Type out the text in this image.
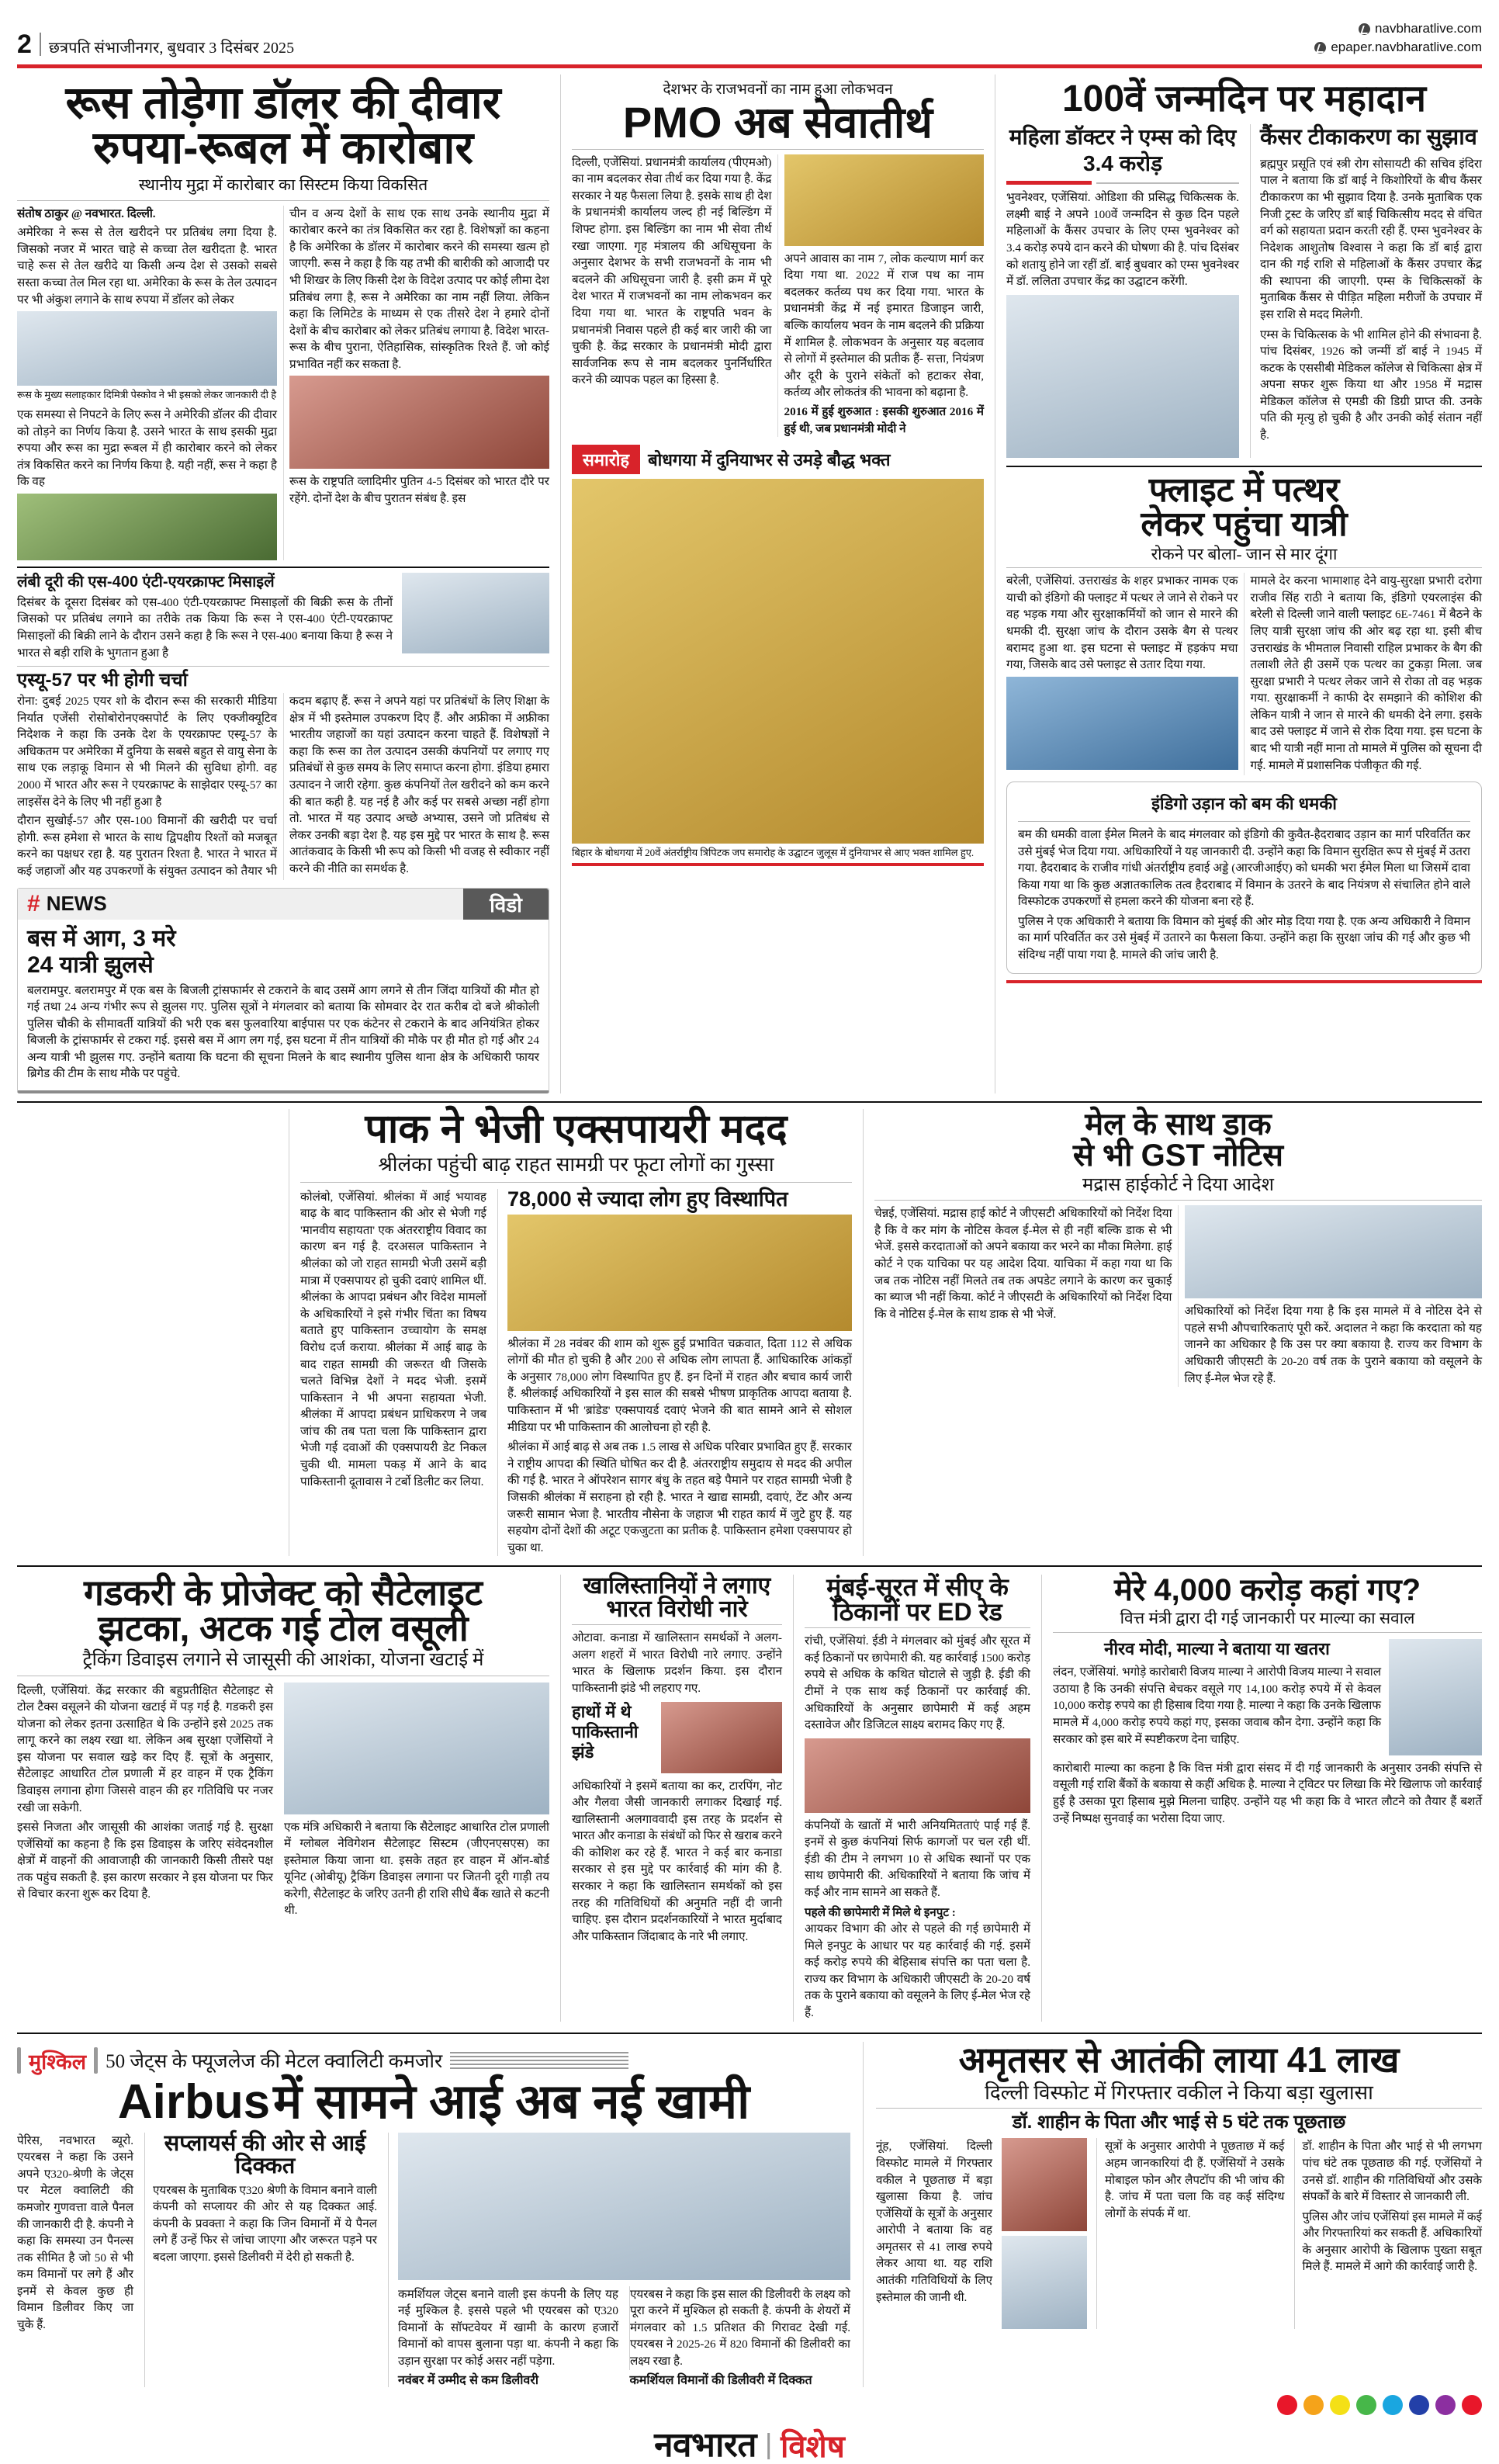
2 छत्रपति संभाजीनगर, बुधवार 3 दिसंबर 2025
नवभारत विशेष
navbharatlive.com
epaper.navbharatlive.com
रूस तोड़ेगा डॉलर की दीवार
रुपया-रूबल में कारोबार
स्थानीय मुद्रा में कारोबार का सिस्टम किया विकसित

संतोष ठाकुर @ नवभारत. दिल्ली.

अमेरिका ने रूस से तेल खरीदने पर प्रतिबंध लगा दिया है. जिसको नजर में भारत चाहे से कच्चा तेल खरीदता है. भारत चाहे रूस से तेल खरीदे या किसी अन्य देश से उसको सबसे सस्ता कच्चा तेल मिल रहा था. अमेरिका के रूस के तेल उत्पादन पर भी अंकुश लगाने के साथ रुपया में डॉलर को लेकर

रूस के मुख्य सलाहकार दिमित्री पेस्कोव ने भी इसको लेकर जानकारी दी है

एक समस्या से निपटने के लिए रूस ने अमेरिकी डॉलर की दीवार को तोड़ने का निर्णय किया है. उसने भारत के साथ इसकी मुद्रा रुपया और रूस का मुद्रा रूबल में ही कारोबार करने को लेकर तंत्र विकसित करने का निर्णय किया है. यही नहीं, रूस ने कहा है कि वह

चीन व अन्य देशों के साथ एक साथ उनके स्थानीय मुद्रा में कारोबार करने का तंत्र विकसित कर रहा है. विशेषज्ञों का कहना है कि अमेरिका के डॉलर में कारोबार करने की समस्या खत्म हो जाएगी. रूस ने कहा है कि यह तभी की बारीकी को आजादी पर भी शिखर के लिए किसी देश के विदेश उत्पाद पर कोई लीमा देश प्रतिबंध लगा है, रूस ने अमेरिका का नाम नहीं लिया. लेकिन कहा कि लिमिटेड के माध्यम से एक तीसरे देश ने हमारे दोनों देशों के बीच कारोबार को लेकर प्रतिबंध लगाया है. विदेश भारत-रूस के बीच पुराना, ऐतिहासिक, सांस्कृतिक रिश्ते हैं. जो कोई प्रभावित नहीं कर सकता है.

रूस के राष्ट्रपति व्लादिमीर पुतिन 4-5 दिसंबर को भारत दौरे पर रहेंगे. दोनों देश के बीच पुरातन संबंध है. इस

लंबी दूरी की एस-400 एंटी-एयरक्राफ्ट मिसाइलें
दिसंबर के दूसरा दिसंबर को एस-400 एंटी-एयरक्राफ्ट मिसाइलों की बिक्री रूस के तीनों जिसको पर प्रतिबंध लगाने का तरीके तक किया कि रूस ने एस-400 एंटी-एयरक्राफ्ट मिसाइलों की बिक्री लाने के दौरान उसने कहा है कि रूस ने एस-400 बनाया किया है रूस ने भारत से बड़ी राशि के भुगतान हुआ है
एस्यू-57 पर भी होगी चर्चा

रोना: दुबई 2025 एयर शो के दौरान रूस की सरकारी मीडिया निर्यात एजेंसी रोसोबोरोनएक्सपोर्ट के लिए एक्जीक्यूटिव निदेशक ने कहा कि उनके देश के एयरक्राफ्ट एस्यू-57 के अधिकतम पर अमेरिका में दुनिया के सबसे बहुत से वायु सेना के साथ एक लड़ाकू विमान से भी मिलने की सुविधा होगी. वह 2000 में भारत और रूस ने एयरक्राफ्ट के साझेदार एस्यू-57 का लाइसेंस देने के लिए भी नहीं हुआ है

दौरान सुखोई-57 और एस-100 विमानों की खरीदी पर चर्चा होगी. रूस हमेशा से भारत के साथ द्विपक्षीय रिश्तों को मजबूत करने का पक्षधर रहा है. यह पुरातन रिश्ता है. भारत ने भारत में कई जहाजों और यह उपकरणों के संयुक्त उत्पादन को तैयार भी कदम बढ़ाए हैं. रूस ने अपने यहां पर प्रतिबंधों के लिए शिक्षा के क्षेत्र में भी इस्तेमाल उपकरण दिए हैं. और अफ्रीका में अफ्रीका भारतीय जहाजों का यहां उत्पादन करना चाहते हैं. विशेषज्ञों ने कहा कि रूस का तेल उत्पादन उसकी कंपनियों पर लगाए गए प्रतिबंधों से कुछ समय के लिए समाप्त करना होगा. इंडिया हमारा उत्पादन ने जारी रहेगा. कुछ कंपनियों तेल खरीदने को कम करने की बात कही है. यह नई है और कई पर सबसे अच्छा नहीं होगा तो. भारत में यह उत्पाद अच्छे अभ्यास, उसने जो प्रतिबंध से लेकर उनकी बड़ा देश है. यह इस मुद्दे पर भारत के साथ है. रूस आतंकवाद के किसी भी रूप को किसी भी वजह से स्वीकार नहीं करने की नीति का समर्थक है.

# NEWS	विडो
बस में आग, 3 मरे
24 यात्री झुलसे
बलरामपुर. बलरामपुर में एक बस के बिजली ट्रांसफार्मर से टकराने के बाद उसमें आग लगने से तीन जिंदा यात्रियों की मौत हो गई तथा 24 अन्य गंभीर रूप से झुलस गए. पुलिस सूत्रों ने मंगलवार को बताया कि सोमवार देर रात करीब दो बजे श्रीकोली पुलिस चौकी के सीमावर्ती यात्रियों की भरी एक बस फुलवारिया बाईपास पर एक कंटेनर से टकराने के बाद अनियंत्रित होकर बिजली के ट्रांसफार्मर से टकरा गई. इससे बस में आग लग गई, इस घटना में तीन यात्रियों की मौके पर ही मौत हो गई और 24 अन्य यात्री भी झुलस गए. उन्होंने बताया कि घटना की सूचना मिलने के बाद स्थानीय पुलिस थाना क्षेत्र के अधिकारी फायर ब्रिगेड की टीम के साथ मौके पर पहुंचे.
देशभर के राजभवनों का नाम हुआ लोकभवन
PMO अब सेवातीर्थ

दिल्ली, एजेंसियां. प्रधानमंत्री कार्यालय (पीएमओ) का नाम बदलकर सेवा तीर्थ कर दिया गया है. केंद्र सरकार ने यह फैसला लिया है. इसके साथ ही देश के प्रधानमंत्री कार्यालय जल्द ही नई बिल्डिंग में शिफ्ट होगा. इस बिल्डिंग का नाम भी सेवा तीर्थ रखा जाएगा. गृह मंत्रालय की अधिसूचना के अनुसार देशभर के सभी राजभवनों के नाम भी बदलने की अधिसूचना जारी है. इसी क्रम में पूरे देश भारत में राजभवनों का नाम लोकभवन कर दिया गया था. भारत के राष्ट्रपति भवन के प्रधानमंत्री निवास पहले ही कई बार जारी की जा चुकी है. केंद्र सरकार के प्रधानमंत्री मोदी द्वारा सार्वजनिक रूप से नाम बदलकर पुनर्निर्धारित करने की व्यापक पहल का हिस्सा है.

अपने आवास का नाम 7, लोक कल्याण मार्ग कर दिया गया था. 2022 में राज पथ का नाम बदलकर कर्तव्य पथ कर दिया गया. भारत के प्रधानमंत्री केंद्र में नई इमारत डिजाइन जारी, बल्कि कार्यालय भवन के नाम बदलने की प्रक्रिया में शामिल है. लोकभवन के अनुसार यह बदलाव से लोगों में इस्तेमाल की प्रतीक हैं- सत्ता, नियंत्रण और दूरी के पुराने संकेतों को हटाकर सेवा, कर्तव्य और लोकतंत्र की भावना को बढ़ाना है.

2016 में हुई शुरुआत : इसकी शुरुआत 2016 में हुई थी, जब प्रधानमंत्री मोदी ने

समारोह	बोधगया में दुनियाभर से उमड़े बौद्ध भक्त
बिहार के बोधगया में 20वें अंतर्राष्ट्रीय त्रिपिटक जप समारोह के उद्घाटन जुलूस में दुनियाभर से आए भक्त शामिल हुए.
100वें जन्मदिन पर महादान
महिला डॉक्टर ने एम्स को दिए 3.4 करोड़
भुवनेश्वर, एजेंसियां. ओडिशा की प्रसिद्ध चिकित्सक के. लक्ष्मी बाई ने अपने 100वें जन्मदिन से कुछ दिन पहले महिलाओं के कैंसर उपचार के लिए एम्स भुवनेश्वर को 3.4 करोड़ रुपये दान करने की घोषणा की है. पांच दिसंबर को शतायु होने जा रहीं डॉ. बाई बुधवार को एम्स भुवनेश्वर में डॉ. ललिता उपचार केंद्र का उद्घाटन करेंगी.
कैंसर टीकाकरण का सुझाव
ब्रह्मपुर प्रसूति एवं स्त्री रोग सोसायटी की सचिव इंदिरा पाल ने बताया कि डॉ बाई ने किशोरियों के बीच कैंसर टीकाकरण का भी सुझाव दिया है. उनके मुताबिक एक निजी ट्रस्ट के जरिए डॉ बाई चिकित्सीय मदद से वंचित वर्ग को सहायता प्रदान करती रही हैं. एम्स भुवनेश्वर के निदेशक आशुतोष विश्वास ने कहा कि डॉ बाई द्वारा दान की गई राशि से महिलाओं के कैंसर उपचार केंद्र की स्थापना की जाएगी. एम्स के चिकित्सकों के मुताबिक कैंसर से पीड़ित महिला मरीजों के उपचार में इस राशि से मदद मिलेगी.
एम्स के चिकित्सक के भी शामिल होने की संभावना है. पांच दिसंबर, 1926 को जन्मीं डॉ बाई ने 1945 में कटक के एससीबी मेडिकल कॉलेज से चिकित्सा क्षेत्र में अपना सफर शुरू किया था और 1958 में मद्रास मेडिकल कॉलेज से एमडी की डिग्री प्राप्त की. उनके पति की मृत्यु हो चुकी है और उनकी कोई संतान नहीं है.
फ्लाइट में पत्थर
लेकर पहुंचा यात्री
रोकने पर बोला- जान से मार दूंगा

बरेली, एजेंसियां. उत्तराखंड के शहर प्रभाकर नामक एक याची को इंडिगो की फ्लाइट में पत्थर ले जाने से रोकने पर वह भड़क गया और सुरक्षाकर्मियों को जान से मारने की धमकी दी. सुरक्षा जांच के दौरान उसके बैग से पत्थर बरामद हुआ था. इस घटना से फ्लाइट में हड़कंप मचा गया, जिसके बाद उसे फ्लाइट से उतार दिया गया.

मामले देर करना भामाशाह देने वायु-सुरक्षा प्रभारी दरोगा राजीव सिंह राठी ने बताया कि, इंडिगो एयरलाइंस की बरेली से दिल्ली जाने वाली फ्लाइट 6E-7461 में बैठने के लिए यात्री सुरक्षा जांच की ओर बढ़ रहा था. इसी बीच उत्तराखंड के भीमताल निवासी राहिल प्रभाकर के बैग की तलाशी लेते ही उसमें एक पत्थर का टुकड़ा मिला. जब सुरक्षा प्रभारी ने पत्थर लेकर जाने से रोका तो वह भड़क गया. सुरक्षाकर्मी ने काफी देर समझाने की कोशिश की लेकिन यात्री ने जान से मारने की धमकी देने लगा. इसके बाद उसे फ्लाइट में जाने से रोक दिया गया. इस घटना के बाद भी यात्री नहीं माना तो मामले में पुलिस को सूचना दी गई. मामले में प्रशासनिक पंजीकृत की गई.

इंडिगो उड़ान को बम की धमकी
बम की धमकी वाला ईमेल मिलने के बाद मंगलवार को इंडिगो की कुवैत-हैदराबाद उड़ान का मार्ग परिवर्तित कर उसे मुंबई भेज दिया गया. अधिकारियों ने यह जानकारी दी. उन्होंने कहा कि विमान सुरक्षित रूप से मुंबई में उतरा गया. हैदराबाद के राजीव गांधी अंतर्राष्ट्रीय हवाई अड्डे (आरजीआईए) को धमकी भरा ईमेल मिला था जिसमें दावा किया गया था कि कुछ अज्ञातकालिक तत्व हैदराबाद में विमान के उतरने के बाद नियंत्रण से संचालित होने वाले विस्फोटक उपकरणों से हमला करने की योजना बना रहे हैं.
पुलिस ने एक अधिकारी ने बताया कि विमान को मुंबई की ओर मोड़ दिया गया है. एक अन्य अधिकारी ने विमान का मार्ग परिवर्तित कर उसे मुंबई में उतारने का फैसला किया. उन्होंने कहा कि सुरक्षा जांच की गई और कुछ भी संदिग्ध नहीं पाया गया है. मामले की जांच जारी है.
पाक ने भेजी एक्सपायरी मदद
श्रीलंका पहुंची बाढ़ राहत सामग्री पर फूटा लोगों का गुस्सा
कोलंबो, एजेंसियां. श्रीलंका में आई भयावह बाढ़ के बाद पाकिस्तान की ओर से भेजी गई 'मानवीय सहायता' एक अंतरराष्ट्रीय विवाद का कारण बन गई है. दरअसल पाकिस्तान ने श्रीलंका को जो राहत सामग्री भेजी उसमें बड़ी मात्रा में एक्सपायर हो चुकी दवाएं शामिल थीं. श्रीलंका के आपदा प्रबंधन और विदेश मामलों के अधिकारियों ने इसे गंभीर चिंता का विषय बताते हुए पाकिस्तान उच्चायोग के समक्ष विरोध दर्ज कराया. श्रीलंका में आई बाढ़ के बाद राहत सामग्री की जरूरत थी जिसके चलते विभिन्न देशों ने मदद भेजी. इसमें पाकिस्तान ने भी अपना सहायता भेजी. श्रीलंका में आपदा प्रबंधन प्राधिकरण ने जब जांच की तब पता चला कि पाकिस्तान द्वारा भेजी गई दवाओं की एक्सपायरी डेट निकल चुकी थी. मामला पकड़ में आने के बाद पाकिस्तानी दूतावास ने टर्बो डिलीट कर लिया.
78,000 से ज्यादा लोग हुए विस्थापित
श्रीलंका में 28 नवंबर की शाम को शुरू हुई प्रभावित चक्रवात, दिता 112 से अधिक लोगों की मौत हो चुकी है और 200 से अधिक लोग लापता हैं. आधिकारिक आंकड़ों के अनुसार 78,000 लोग विस्थापित हुए हैं. इन दिनों में राहत और बचाव कार्य जारी हैं. श्रीलंकाई अधिकारियों ने इस साल की सबसे भीषण प्राकृतिक आपदा बताया है. पाकिस्तान में भी 'ब्रांडेड' एक्सपायर्ड दवाएं भेजने की बात सामने आने से सोशल मीडिया पर भी पाकिस्तान की आलोचना हो रही है.
श्रीलंका में आई बाढ़ से अब तक 1.5 लाख से अधिक परिवार प्रभावित हुए हैं. सरकार ने राष्ट्रीय आपदा की स्थिति घोषित कर दी है. अंतरराष्ट्रीय समुदाय से मदद की अपील की गई है. भारत ने ऑपरेशन सागर बंधु के तहत बड़े पैमाने पर राहत सामग्री भेजी है जिसकी श्रीलंका में सराहना हो रही है. भारत ने खाद्य सामग्री, दवाएं, टेंट और अन्य जरूरी सामान भेजा है. भारतीय नौसेना के जहाज भी राहत कार्य में जुटे हुए हैं. यह सहयोग दोनों देशों की अटूट एकजुटता का प्रतीक है. पाकिस्तान हमेशा एक्सपायर हो चुका था.
मेल के साथ डाक
से भी GST नोटिस
मद्रास हाईकोर्ट ने दिया आदेश

चेन्नई, एजेंसियां. मद्रास हाई कोर्ट ने जीएसटी अधिकारियों को निर्देश दिया है कि वे कर मांग के नोटिस केवल ई-मेल से ही नहीं बल्कि डाक से भी भेजें. इससे करदाताओं को अपने बकाया कर भरने का मौका मिलेगा. हाई कोर्ट ने एक याचिका पर यह आदेश दिया. याचिका में कहा गया था कि जब तक नोटिस नहीं मिलते तब तक अपडेट लगाने के कारण कर चुकाई का ब्याज भी नहीं किया. कोर्ट ने जीएसटी के अधिकारियों को निर्देश दिया कि वे नोटिस ई-मेल के साथ डाक से भी भेजें.	अधिकारियों को निर्देश दिया गया है कि इस मामले में वे नोटिस देने से पहले सभी औपचारिकताएं पूरी करें. अदालत ने कहा कि करदाता को यह जानने का अधिकार है कि उस पर क्या बकाया है. राज्य कर विभाग के अधिकारी जीएसटी के 20-20 वर्ष तक के पुराने बकाया को वसूलने के लिए ई-मेल भेज रहे हैं.

गडकरी के प्रोजेक्ट को सैटेलाइट
झटका, अटक गई टोल वसूली
ट्रैकिंग डिवाइस लगाने से जासूसी की आशंका, योजना खटाई में

दिल्ली, एजेंसियां. केंद्र सरकार की बहुप्रतीक्षित सैटेलाइट से टोल टैक्स वसूलने की योजना खटाई में पड़ गई है. गडकरी इस योजना को लेकर इतना उत्साहित थे कि उन्होंने इसे 2025 तक लागू करने का लक्ष्य रखा था. लेकिन अब सुरक्षा एजेंसियों ने इस योजना पर सवाल खड़े कर दिए हैं. सूत्रों के अनुसार, सैटेलाइट आधारित टोल प्रणाली में हर वाहन में एक ट्रैकिंग डिवाइस लगाना होगा जिससे वाहन की हर गतिविधि पर नजर रखी जा सकेगी.

इससे निजता और जासूसी की आशंका जताई गई है. सुरक्षा एजेंसियों का कहना है कि इस डिवाइस के जरिए संवेदनशील क्षेत्रों में वाहनों की आवाजाही की जानकारी किसी तीसरे पक्ष तक पहुंच सकती है. इस कारण सरकार ने इस योजना पर फिर से विचार करना शुरू कर दिया है.

एक मंत्रि अधिकारी ने बताया कि सैटेलाइट आधारित टोल प्रणाली में ग्लोबल नेविगेशन सैटेलाइट सिस्टम (जीएनएसएस) का इस्तेमाल किया जाना था. इसके तहत हर वाहन में ऑन-बोर्ड यूनिट (ओबीयू) ट्रैकिंग डिवाइस लगाना पर जितनी दूरी गाड़ी तय करेगी, सैटेलाइट के जरिए उतनी ही राशि सीधे बैंक खाते से कटनी थी.
खालिस्तानियों ने लगाए
भारत विरोधी नारे
ओटावा. कनाडा में खालिस्तान समर्थकों ने अलग-अलग शहरों में भारत विरोधी नारे लगाए. उन्होंने भारत के खिलाफ प्रदर्शन किया. इस दौरान पाकिस्तानी झंडे भी लहराए गए.
हाथों में थे
पाकिस्तानी
झंडे
अधिकारियों ने इसमें बताया का कर, टारपिंग, नोट और गैलवा जैसी जानकारी लगाकर दिखाई गई. खालिस्तानी अलगाववादी इस तरह के प्रदर्शन से भारत और कनाडा के संबंधों को फिर से खराब करने की कोशिश कर रहे हैं. भारत ने कई बार कनाडा सरकार से इस मुद्दे पर कार्रवाई की मांग की है. सरकार ने कहा कि खालिस्तान समर्थकों को इस तरह की गतिविधियों की अनुमति नहीं दी जानी चाहिए. इस दौरान प्रदर्शनकारियों ने भारत मुर्दाबाद और पाकिस्तान जिंदाबाद के नारे भी लगाए.
मुंबई-सूरत में सीए के
ठिकानों पर ED रेड
रांची, एजेंसियां. ईडी ने मंगलवार को मुंबई और सूरत में कई ठिकानों पर छापेमारी की. यह कार्रवाई 1500 करोड़ रुपये से अधिक के कथित घोटाले से जुड़ी है. ईडी की टीमों ने एक साथ कई ठिकानों पर कार्रवाई की. अधिकारियों के अनुसार छापेमारी में कई अहम दस्तावेज और डिजिटल साक्ष्य बरामद किए गए हैं.
कंपनियों के खातों में भारी अनियमितताएं पाई गई हैं. इनमें से कुछ कंपनियां सिर्फ कागजों पर चल रही थीं. ईडी की टीम ने लगभग 10 से अधिक स्थानों पर एक साथ छापेमारी की. अधिकारियों ने बताया कि जांच में कई और नाम सामने आ सकते हैं.
पहले की छापेमारी में मिले थे इनपुट :
आयकर विभाग की ओर से पहले की गई छापेमारी में मिले इनपुट के आधार पर यह कार्रवाई की गई. इसमें कई करोड़ रुपये की बेहिसाब संपत्ति का पता चला है. राज्य कर विभाग के अधिकारी जीएसटी के 20-20 वर्ष तक के पुराने बकाया को वसूलने के लिए ई-मेल भेज रहे हैं.
मेरे 4,000 करोड़ कहां गए?
वित्त मंत्री द्वारा दी गई जानकारी पर माल्या का सवाल
नीरव मोदी, माल्या ने बताया या खतरा

लंदन, एजेंसियां. भगोड़े कारोबारी विजय माल्या ने आरोपी विजय माल्या ने सवाल उठाया है कि उनकी संपत्ति बेचकर वसूले गए 14,100 करोड़ रुपये में से केवल 10,000 करोड़ रुपये का ही हिसाब दिया गया है. माल्या ने कहा कि उनके खिलाफ मामले में 4,000 करोड़ रुपये कहां गए, इसका जवाब कौन देगा. उन्होंने कहा कि सरकार को इस बारे में स्पष्टीकरण देना चाहिए.

कारोबारी माल्या का कहना है कि वित्त मंत्री द्वारा संसद में दी गई जानकारी के अनुसार उनकी संपत्ति से वसूली गई राशि बैंकों के बकाया से कहीं अधिक है. माल्या ने ट्विटर पर लिखा कि मेरे खिलाफ जो कार्रवाई हुई है उसका पूरा हिसाब मुझे मिलना चाहिए. उन्होंने यह भी कहा कि वे भारत लौटने को तैयार हैं बशर्ते उन्हें निष्पक्ष सुनवाई का भरोसा दिया जाए.
मुश्किल 50 जेट्स के फ्यूजलेज की मेटल क्वालिटी कमजोर
Airbus में सामने आई अब नई खामी
पेरिस, नवभारत ब्यूरो. एयरबस ने कहा कि उसने अपने ए320-श्रेणी के जेट्स पर मेटल क्वालिटी की कमजोर गुणवत्ता वाले पैनल की जानकारी दी है. कंपनी ने कहा कि समस्या उन पैनल्स तक सीमित है जो 50 से भी कम विमानों पर लगे हैं और इनमें से केवल कुछ ही विमान डिलीवर किए जा चुके हैं.
सप्लायर्स की ओर से आई दिक्कत
एयरबस के मुताबिक ए320 श्रेणी के विमान बनाने वाली कंपनी को सप्लायर की ओर से यह दिक्कत आई. कंपनी के प्रवक्ता ने कहा कि जिन विमानों में ये पैनल लगे हैं उन्हें फिर से जांचा जाएगा और जरूरत पड़ने पर बदला जाएगा. इससे डिलीवरी में देरी हो सकती है.
कमर्शियल जेट्स बनाने वाली इस कंपनी के लिए यह नई मुश्किल है. इससे पहले भी एयरबस को ए320 विमानों के सॉफ्टवेयर में खामी के कारण हजारों विमानों को वापस बुलाना पड़ा था. कंपनी ने कहा कि उड़ान सुरक्षा पर कोई असर नहीं पड़ेगा.
एयरबस ने कहा कि इस साल की डिलीवरी के लक्ष्य को पूरा करने में मुश्किल हो सकती है. कंपनी के शेयरों में मंगलवार को 1.5 प्रतिशत की गिरावट देखी गई. एयरबस ने 2025-26 में 820 विमानों की डिलीवरी का लक्ष्य रखा है.
नवंबर में उम्मीद से कम डिलीवरी	कमर्शियल विमानों की डिलीवरी में दिक्कत
अमृतसर से आतंकी लाया 41 लाख
दिल्ली विस्फोट में गिरफ्तार वकील ने किया बड़ा खुलासा
डॉ. शाहीन के पिता और भाई से 5 घंटे तक पूछताछ
नूंह, एजेंसियां. दिल्ली विस्फोट मामले में गिरफ्तार वकील ने पूछताछ में बड़ा खुलासा किया है. जांच एजेंसियों के सूत्रों के अनुसार आरोपी ने बताया कि वह अमृतसर से 41 लाख रुपये लेकर आया था. यह राशि आतंकी गतिविधियों के लिए इस्तेमाल की जानी थी.
सूत्रों के अनुसार आरोपी ने पूछताछ में कई अहम जानकारियां दी हैं. एजेंसियों ने उसके मोबाइल फोन और लैपटॉप की भी जांच की है. जांच में पता चला कि वह कई संदिग्ध लोगों के संपर्क में था.
डॉ. शाहीन के पिता और भाई से भी लगभग पांच घंटे तक पूछताछ की गई. एजेंसियों ने उनसे डॉ. शाहीन की गतिविधियों और उसके संपर्कों के बारे में विस्तार से जानकारी ली.
पुलिस और जांच एजेंसियां इस मामले में कई और गिरफ्तारियां कर सकती हैं. अधिकारियों के अनुसार आरोपी के खिलाफ पुख्ता सबूत मिले हैं. मामले में आगे की कार्रवाई जारी है.
